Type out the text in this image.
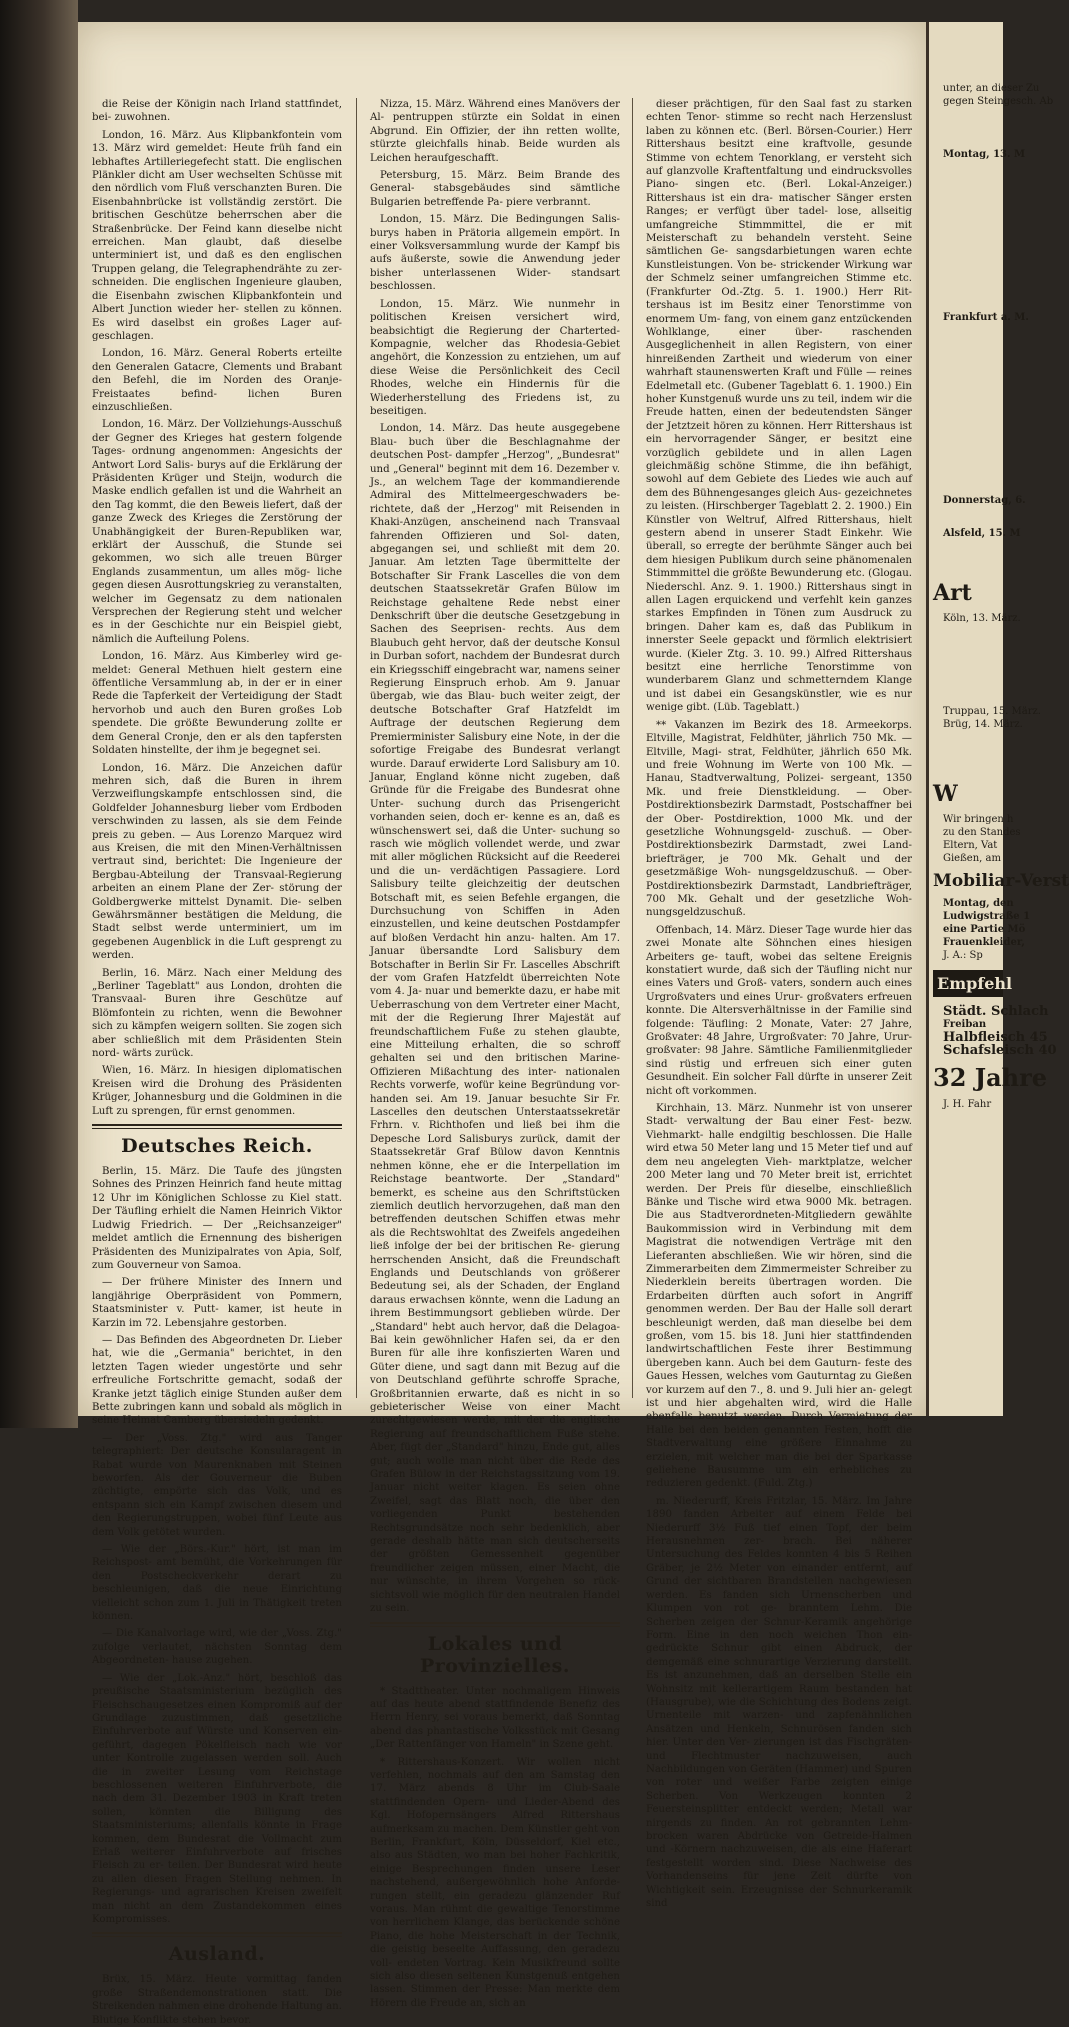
die Reise der Königin nach Irland stattfindet, bei- zuwohnen.

London, 16. März. Aus Klipbankfontein vom 13. März wird gemeldet: Heute früh fand ein lebhaftes Artilleriegefecht statt. Die englischen Plänkler dicht am User wechselten Schüsse mit den nördlich vom Fluß verschanzten Buren. Die Eisenbahnbrücke ist vollständig zerstört. Die britischen Geschütze beherrschen aber die Straßenbrücke. Der Feind kann dieselbe nicht erreichen. Man glaubt, daß dieselbe unterminiert ist, und daß es den englischen Truppen gelang, die Telegraphendrähte zu zer- schneiden. Die englischen Ingenieure glauben, die Eisenbahn zwischen Klipbankfontein und Albert Junction wieder her- stellen zu können. Es wird daselbst ein großes Lager auf- geschlagen.

London, 16. März. General Roberts erteilte den Generalen Gatacre, Clements und Brabant den Befehl, die im Norden des Oranje-Freistaates befind- lichen Buren einzuschließen.

London, 16. März. Der Vollziehungs-Ausschuß der Gegner des Krieges hat gestern folgende Tages- ordnung angenommen: Angesichts der Antwort Lord Salis- burys auf die Erklärung der Präsidenten Krüger und Steijn, wodurch die Maske endlich gefallen ist und die Wahrheit an den Tag kommt, die den Beweis liefert, daß der ganze Zweck des Krieges die Zerstörung der Unabhängigkeit der Buren-Republiken war, erklärt der Ausschuß, die Stunde sei gekommen, wo sich alle treuen Bürger Englands zusammentun, um alles mög- liche gegen diesen Ausrottungskrieg zu veranstalten, welcher im Gegensatz zu dem nationalen Versprechen der Regierung steht und welcher es in der Geschichte nur ein Beispiel giebt, nämlich die Aufteilung Polens.

London, 16. März. Aus Kimberley wird ge- meldet: General Methuen hielt gestern eine öffentliche Versammlung ab, in der er in einer Rede die Tapferkeit der Verteidigung der Stadt hervorhob und auch den Buren großes Lob spendete. Die größte Bewunderung zollte er dem General Cronje, den er als den tapfersten Soldaten hinstellte, der ihm je begegnet sei.

London, 16. März. Die Anzeichen dafür mehren sich, daß die Buren in ihrem Verzweiflungskampfe entschlossen sind, die Goldfelder Johannesburg lieber vom Erdboden verschwinden zu lassen, als sie dem Feinde preis zu geben. — Aus Lorenzo Marquez wird aus Kreisen, die mit den Minen-Verhältnissen vertraut sind, berichtet: Die Ingenieure der Bergbau-Abteilung der Transvaal-Regierung arbeiten an einem Plane der Zer- störung der Goldbergwerke mittelst Dynamit. Die- selben Gewährsmänner bestätigen die Meldung, die Stadt selbst werde unterminiert, um im gegebenen Augenblick in die Luft gesprengt zu werden.

Berlin, 16. März. Nach einer Meldung des „Berliner Tageblatt" aus London, drohten die Transvaal- Buren ihre Geschütze auf Blömfontein zu richten, wenn die Bewohner sich zu kämpfen weigern sollten. Sie zogen sich aber schließlich mit dem Präsidenten Stein nord- wärts zurück.

Wien, 16. März. In hiesigen diplomatischen Kreisen wird die Drohung des Präsidenten Krüger, Johannesburg und die Goldminen in die Luft zu sprengen, für ernst genommen.

Deutsches Reich.

Berlin, 15. März. Die Taufe des jüngsten Sohnes des Prinzen Heinrich fand heute mittag 12 Uhr im Königlichen Schlosse zu Kiel statt. Der Täufling erhielt die Namen Heinrich Viktor Ludwig Friedrich. — Der „Reichsanzeiger" meldet amtlich die Ernennung des bisherigen Präsidenten des Munizipalrates von Apia, Solf, zum Gouverneur von Samoa.

— Der frühere Minister des Innern und langjährige Oberpräsident von Pommern, Staatsminister v. Putt- kamer, ist heute in Karzin im 72. Lebensjahre gestorben.

— Das Befinden des Abgeordneten Dr. Lieber hat, wie die „Germania" berichtet, in den letzten Tagen wieder ungestörte und sehr erfreuliche Fortschritte gemacht, sodaß der Kranke jetzt täglich einige Stunden außer dem Bette zubringen kann und sobald als möglich in seine Heimat Camberg übersiedeln gedenkt.

— Der „Voss. Ztg." wird aus Tanger telegraphiert: Der deutsche Konsularagent in Rabat wurde von Maurenknaben mit Steinen beworfen. Als der Gouverneur die Buben züchtigte, empörte sich das Volk, und es entspann sich ein Kampf zwischen diesem und den Regierungstruppen, wobei fünf Leute aus dem Volk getötet wurden.

— Wie der „Börs.-Kur." hört, ist man im Reichspost- amt bemüht, die Vorkehrungen für den Postscheckverkehr derart zu beschleunigen, daß die neue Einrichtung vielleicht schon zum 1. Juli in Thätigkeit treten können.

— Die Kanalvorlage wird, wie der „Voss. Ztg." zufolge verlautet, nächsten Sonntag dem Abgeordneten- hause zugehen.

— Wie der „Lok.-Anz." hört, beschloß das preußische Staatsministerium bezüglich des Fleischschaugesetzes einen Kompromiß auf der Grundlage zuzustimmen, daß gesetzliche Einfuhrverbote auf Würste und Konserven ein- geführt, dagegen Pökelfleisch nach wie vor unter Kontrolle zugelassen werden soll. Auch die in zweiter Lesung vom Reichstage beschlossenen weiteren Einfuhrverbote, die nach dem 31. Dezember 1903 in Kraft treten sollen, könnten die Billigung des Staatsministeriums; allenfalls könnte in Frage kommen, dem Bundesrat die Vollmacht zum Erlaß weiterer Einfuhrverbote auf frisches Fleisch zu er- teilen. Der Bundesrat wird heute zu allen diesen Fragen Stellung nehmen. In Regierungs- und agrarischen Kreisen zweifelt man nicht an dem Zustandekommen eines Kompromisses.

Ausland.

Brüx, 15. März. Heute vormittag fanden große Straßendemonstrationen statt. Die Streikenden nahmen eine drohende Haltung an. Blutige Konflikte stehen bevor.

Nizza, 15. März. Während eines Manövers der Al- pentruppen stürzte ein Soldat in einen Abgrund. Ein Offizier, der ihn retten wollte, stürzte gleichfalls hinab. Beide wurden als Leichen heraufgeschafft.

Petersburg, 15. März. Beim Brande des General- stabsgebäudes sind sämtliche Bulgarien betreffende Pa- piere verbrannt.

London, 15. März. Die Bedingungen Salis- burys haben in Prätoria allgemein empört. In einer Volksversammlung wurde der Kampf bis aufs äußerste, sowie die Anwendung jeder bisher unterlassenen Wider- standsart beschlossen.

London, 15. März. Wie nunmehr in politischen Kreisen versichert wird, beabsichtigt die Regierung der Charterted- Kompagnie, welcher das Rhodesia-Gebiet angehört, die Konzession zu entziehen, um auf diese Weise die Persönlichkeit des Cecil Rhodes, welche ein Hindernis für die Wiederherstellung des Friedens ist, zu beseitigen.

London, 14. März. Das heute ausgegebene Blau- buch über die Beschlagnahme der deutschen Post- dampfer „Herzog", „Bundesrat" und „General" beginnt mit dem 16. Dezember v. Js., an welchem Tage der kommandierende Admiral des Mittelmeergeschwaders be- richtete, daß der „Herzog" mit Reisenden in Khaki-Anzügen, anscheinend nach Transvaal fahrenden Offizieren und Sol- daten, abgegangen sei, und schließt mit dem 20. Januar. Am letzten Tage übermittelte der Botschafter Sir Frank Lascelles die von dem deutschen Staatssekretär Grafen Bülow im Reichstage gehaltene Rede nebst einer Denkschrift über die deutsche Gesetzgebung in Sachen des Seeprisen- rechts. Aus dem Blaubuch geht hervor, daß der deutsche Konsul in Durban sofort, nachdem der Bundesrat durch ein Kriegsschiff eingebracht war, namens seiner Regierung Einspruch erhob. Am 9. Januar übergab, wie das Blau- buch weiter zeigt, der deutsche Botschafter Graf Hatzfeldt im Auftrage der deutschen Regierung dem Premierminister Salisbury eine Note, in der die sofortige Freigabe des Bundesrat verlangt wurde. Darauf erwiderte Lord Salisbury am 10. Januar, England könne nicht zugeben, daß Gründe für die Freigabe des Bundesrat ohne Unter- suchung durch das Prisengericht vorhanden seien, doch er- kenne es an, daß es wünschenswert sei, daß die Unter- suchung so rasch wie möglich vollendet werde, und zwar mit aller möglichen Rücksicht auf die Reederei und die un- verdächtigen Passagiere. Lord Salisbury teilte gleichzeitig der deutschen Botschaft mit, es seien Befehle ergangen, die Durchsuchung von Schiffen in Aden einzustellen, und keine deutschen Postdampfer auf bloßen Verdacht hin anzu- halten. Am 17. Januar übersandte Lord Salisbury dem Botschafter in Berlin Sir Fr. Lascelles Abschrift der vom Grafen Hatzfeldt überreichten Note vom 4. Ja- nuar und bemerkte dazu, er habe mit Ueberraschung von dem Vertreter einer Macht, mit der die Regierung Ihrer Majestät auf freundschaftlichem Fuße zu stehen glaubte, eine Mitteilung erhalten, die so schroff gehalten sei und den britischen Marine-Offizieren Mißachtung des inter- nationalen Rechts vorwerfe, wofür keine Begründung vor- handen sei. Am 19. Januar besuchte Sir Fr. Lascelles den deutschen Unterstaatssekretär Frhrn. v. Richthofen und ließ bei ihm die Depesche Lord Salisburys zurück, damit der Staatssekretär Graf Bülow davon Kenntnis nehmen könne, ehe er die Interpellation im Reichstage beantworte. Der „Standard" bemerkt, es scheine aus den Schriftstücken ziemlich deutlich hervorzugehen, daß man den betreffenden deutschen Schiffen etwas mehr als die Rechtswohltat des Zweifels angedeihen ließ infolge der bei der britischen Re- gierung herrschenden Ansicht, daß die Freundschaft Englands und Deutschlands von größerer Bedeutung sei, als der Schaden, der England daraus erwachsen könnte, wenn die Ladung an ihrem Bestimmungsort geblieben würde. Der „Standard" hebt auch hervor, daß die Delagoa-Bai kein gewöhnlicher Hafen sei, da er den Buren für alle ihre konfiszierten Waren und Güter diene, und sagt dann mit Bezug auf die von Deutschland geführte schroffe Sprache, Großbritannien erwarte, daß es nicht in so gebieterischer Weise von einer Macht zurechtgewiesen werde, mit der die englische Regierung auf freundschaftlichem Fuße stehe. Aber, fügt der „Standard" hinzu, Ende gut, alles gut; auch wolle man nicht über die Rede des Grafen Bülow in der Reichstagssitzung vom 19. Januar nicht weiter klagen. Es seien ohne Zweifel, sagt das Blatt noch, die über den vorliegenden Punkt bestehenden Rechtsgrundsätze noch sehr bedenklich, aber gerade deshalb hätte man sich deutscherseits der größten Gemessenheit gegenüber freundlicher zeigen müssen, einer Macht, die nur wünschte, in ihrem Vorgehen so rück- sichtsvoll wie möglich für den neutralen Handel zu sein.

Lokales und Provinzielles.

* Stadttheater. Unter nochmaligem Hinweis auf das heute abend stattfindende Benefiz des Herrn Henry, sei voraus bemerkt, daß Sonntag abend das phantastische Volksstück mit Gesang „Der Rattenfänger von Hameln" in Szene geht.

* Rittershaus-Konzert. Wir wollen nicht verfehlen, nochmals auf den am Samstag den 17. März abends 8 Uhr im Club-Saale stattfindenden Opern- und Lieder-Abend des Kgl. Hofopernsängers Alfred Rittershaus aufmerksam zu machen. Dem Künstler geht von Berlin, Frankfurt, Köln, Düsseldorf, Kiel etc., also aus Städten, wo man bei hoher Fachkritik, einige Besprechungen finden unsere Leser nachstehend, außergewöhnlich hohe Anforde- rungen stellt, ein geradezu glänzender Ruf voraus. Man rühmt die gewaltige Tenorstimme von herrlichem Klange, das berückende schöne Piano, die hohe Meisterschaft in der Technik, die geistig beseelte Auffassung, den geradezu voll- endeten Vortrag. Kein Musikfreund sollte sich also diesen seltenen Kunstgenuß entgehen lassen. Stimmen der Presse: Man merkte dem Hörern die Freude an, sich an

dieser prächtigen, für den Saal fast zu starken echten Tenor- stimme so recht nach Herzenslust laben zu können etc. (Berl. Börsen-Courier.) Herr Rittershaus besitzt eine kraftvolle, gesunde Stimme von echtem Tenorklang, er versteht sich auf glanzvolle Kraftentfaltung und eindrucksvolles Piano- singen etc. (Berl. Lokal-Anzeiger.) Rittershaus ist ein dra- matischer Sänger ersten Ranges; er verfügt über tadel- lose, allseitig umfangreiche Stimmmittel, die er mit Meisterschaft zu behandeln versteht. Seine sämtlichen Ge- sangsdarbietungen waren echte Kunstleistungen. Von be- strickender Wirkung war der Schmelz seiner umfangreichen Stimme etc. (Frankfurter Od.-Ztg. 5. 1. 1900.) Herr Rit- tershaus ist im Besitz einer Tenorstimme von enormem Um- fang, von einem ganz entzückenden Wohlklange, einer über- raschenden Ausgeglichenheit in allen Registern, von einer hinreißenden Zartheit und wiederum von einer wahrhaft staunenswerten Kraft und Fülle — reines Edelmetall etc. (Gubener Tageblatt 6. 1. 1900.) Ein hoher Kunstgenuß wurde uns zu teil, indem wir die Freude hatten, einen der bedeutendsten Sänger der Jetztzeit hören zu können. Herr Rittershaus ist ein hervorragender Sänger, er besitzt eine vorzüglich gebildete und in allen Lagen gleichmäßig schöne Stimme, die ihn befähigt, sowohl auf dem Gebiete des Liedes wie auch auf dem des Bühnengesanges gleich Aus- gezeichnetes zu leisten. (Hirschberger Tageblatt 2. 2. 1900.) Ein Künstler von Weltruf, Alfred Rittershaus, hielt gestern abend in unserer Stadt Einkehr. Wie überall, so erregte der berühmte Sänger auch bei dem hiesigen Publikum durch seine phänomenalen Stimmmittel die größte Bewunderung etc. (Glogau. Niederschl. Anz. 9. 1. 1900.) Rittershaus singt in allen Lagen erquickend und verfehlt kein ganzes starkes Empfinden in Tönen zum Ausdruck zu bringen. Daher kam es, daß das Publikum in innerster Seele gepackt und förmlich elektrisiert wurde. (Kieler Ztg. 3. 10. 99.) Alfred Rittershaus besitzt eine herrliche Tenorstimme von wunderbarem Glanz und schmetterndem Klange und ist dabei ein Gesangskünstler, wie es nur wenige gibt. (Lüb. Tageblatt.)

** Vakanzen im Bezirk des 18. Armeekorps. Eltville, Magistrat, Feldhüter, jährlich 750 Mk. — Eltville, Magi- strat, Feldhüter, jährlich 650 Mk. und freie Wohnung im Werte von 100 Mk. — Hanau, Stadtverwaltung, Polizei- sergeant, 1350 Mk. und freie Dienstkleidung. — Ober- Postdirektionsbezirk Darmstadt, Postschaffner bei der Ober- Postdirektion, 1000 Mk. und der gesetzliche Wohnungsgeld- zuschuß. — Ober-Postdirektionsbezirk Darmstadt, zwei Land- briefträger, je 700 Mk. Gehalt und der gesetzmäßige Woh- nungsgeldzuschuß. — Ober-Postdirektionsbezirk Darmstadt, Landbriefträger, 700 Mk. Gehalt und der gesetzliche Woh- nungsgeldzuschuß.

Offenbach, 14. März. Dieser Tage wurde hier das zwei Monate alte Söhnchen eines hiesigen Arbeiters ge- tauft, wobei das seltene Ereignis konstatiert wurde, daß sich der Täufling nicht nur eines Vaters und Groß- vaters, sondern auch eines Urgroßvaters und eines Urur- großvaters erfreuen konnte. Die Altersverhältnisse in der Familie sind folgende: Täufling: 2 Monate, Vater: 27 Jahre, Großvater: 48 Jahre, Urgroßvater: 70 Jahre, Urur- großvater: 98 Jahre. Sämtliche Familienmitglieder sind rüstig und erfreuen sich einer guten Gesundheit. Ein solcher Fall dürfte in unserer Zeit nicht oft vorkommen.

Kirchhain, 13. März. Nunmehr ist von unserer Stadt- verwaltung der Bau einer Fest- bezw. Viehmarkt- halle endgiltig beschlossen. Die Halle wird etwa 50 Meter lang und 15 Meter tief und auf dem neu angelegten Vieh- marktplatze, welcher 200 Meter lang und 70 Meter breit ist, errichtet werden. Der Preis für dieselbe, einschließlich Bänke und Tische wird etwa 9000 Mk. betragen. Die aus Stadtverordneten-Mitgliedern gewählte Baukommission wird in Verbindung mit dem Magistrat die notwendigen Verträge mit den Lieferanten abschließen. Wie wir hören, sind die Zimmerarbeiten dem Zimmermeister Schreiber zu Niederklein bereits übertragen worden. Die Erdarbeiten dürften auch sofort in Angriff genommen werden. Der Bau der Halle soll derart beschleunigt werden, daß man dieselbe bei dem großen, vom 15. bis 18. Juni hier stattfindenden landwirtschaftlichen Feste ihrer Bestimmung übergeben kann. Auch bei dem Gauturn- feste des Gaues Hessen, welches vom Gauturntag zu Gießen vor kurzem auf den 7., 8. und 9. Juli hier an- gelegt ist und hier abgehalten wird, wird die Halle ebenfalls benutzt werden. Durch Vermietung der Halle bei den beiden genannten Festen, hofft die Stadtverwaltung eine größere Einnahme zu erzielen, mit welcher man die bei der Sparkasse geliehene Bausumme um ein erhebliches zu reduzieren gedenkt. (Fuld. Ztg.)

m. Niederurff, Kreis Fritzlar, 15. März. Im Jahre 1890 fanden Arbeiter auf einem Felde bei Niederurff 3½ Fuß tief einen Topf, der beim Herausnehmen zer- brach. Bei näherer Untersuchung des Feldes konnten 4 bis 5 Reihen Gräber, je 2½ Meter von einander entfernt, auf Grund der sichtbaren Brandstellen nachgewiesen werden. Es fanden sich Urnenscherben und Klumpen von rot ge- branntem Lehm. Die Scherben zeigen der Schnur-Keramik angehörige Form. Eine in den noch weichen Thon ein- gedrückte Schnur gibt einen Abdruck, der demgemäß eine schnurartige Verzierung darstellt. Es ist anzunehmen, daß an derselben Stelle ein Wohnsitz mit kellerartigem Raum bestanden hat (Hausgrube), wie die Schichtung des Bodens zeigt. Urnenteile mit warzen- und zapfenähnlichen Ansätzen und Henkeln, Schnurösen fanden sich hier. Unter den Ver- zierungen ist das Fischgräten- und Flechtmuster nachzuweisen, auch Nachbildungen von Geräten (Hammer) und Spuren von roter und weißer Farbe zeigten einige Scherben. Von Werkzeugen konnten 2 Feuersteinsplitter entdeckt werden; Metall war nirgends zu finden. An rot gebrannten Lehm- brocken waren Abdrücke von Getreide-Halmen und -Körnern nachzuweisen, die als eine Haferart festgestellt worden sind. Diese Nachweise des Vorhandenseins für jene Zeit dürfte von Wichtigkeit sein. Erzeugnisse der Schnurkeramik sind

unter, an dieser Zu

gegen Steingesch. Ab

Montag, 13. M

Frankfurt a. M.

Donnerstag, 6.

Alsfeld, 15. M

Art

Köln, 13. März.

Truppau, 15. März.

Brüg, 14. März.

W

Wir bringen h

zu den Standes

Eltern, Vat

Gießen, am

Mobiliar-Verst

Montag, den

Ludwigstraße 1

eine Partie Mö

Frauenkleider,

J. A.: Sp

Empfehl

Städt. Schlach

Freiban

Halbfleisch 45

Schafsleisch 40

32 Jahre

J. H. Fahr
